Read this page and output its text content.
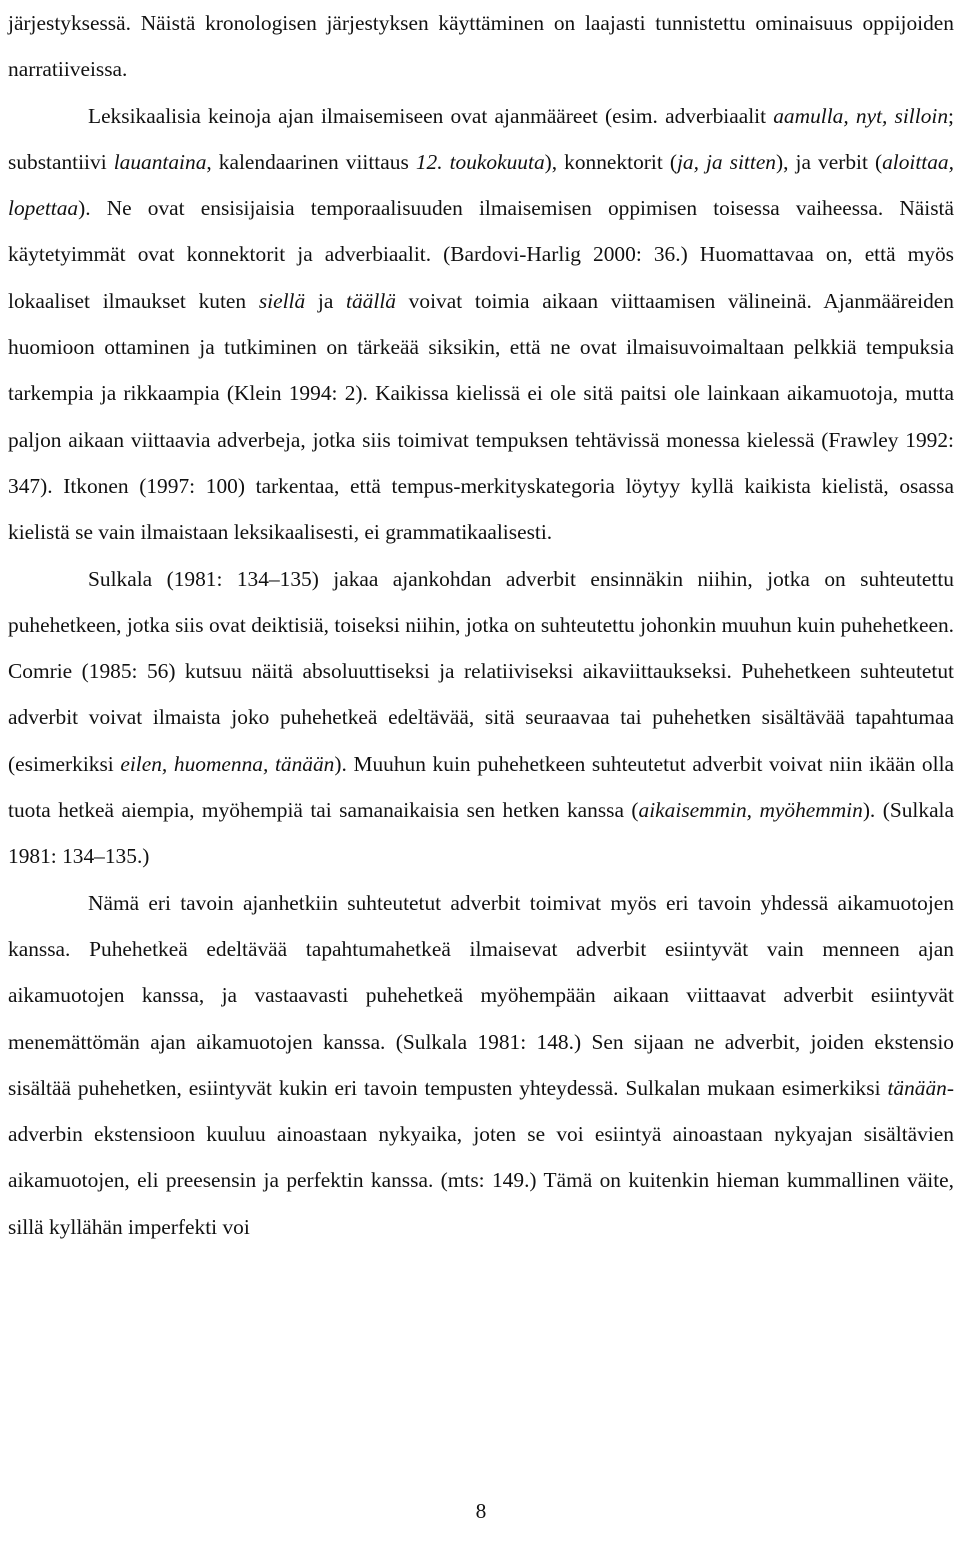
järjestyksessä. Näistä kronologisen järjestyksen käyttäminen on laajasti tunnistettu ominaisuus oppijoiden narratiiveissa.

Leksikaalisia keinoja ajan ilmaisemiseen ovat ajanmääreet (esim. adverbiaalit aamulla, nyt, silloin; substantiivi lauantaina, kalendaarinen viittaus 12. toukokuuta), konnektorit (ja, ja sitten), ja verbit (aloittaa, lopettaa). Ne ovat ensisijaisia temporaalisuuden ilmaisemisen oppimisen toisessa vaiheessa. Näistä käytetyimmät ovat konnektorit ja adverbiaalit. (Bardovi-Harlig 2000: 36.) Huomattavaa on, että myös lokaaliset ilmaukset kuten siellä ja täällä voivat toimia aikaan viittaamisen välineinä. Ajanmääreiden huomioon ottaminen ja tutkiminen on tärkeää siksikin, että ne ovat ilmaisuvoimaltaan pelkkiä tempuksia tarkempia ja rikkaampia (Klein 1994: 2). Kaikissa kielissä ei ole sitä paitsi ole lainkaan aikamuotoja, mutta paljon aikaan viittaavia adverbeja, jotka siis toimivat tempuksen tehtävissä monessa kielessä (Frawley 1992: 347). Itkonen (1997: 100) tarkentaa, että tempus-merkityskategoria löytyy kyllä kaikista kielistä, osassa kielistä se vain ilmaistaan leksikaalisesti, ei grammatikaalisesti.

Sulkala (1981: 134–135) jakaa ajankohdan adverbit ensinnäkin niihin, jotka on suhteutettu puhehetkeen, jotka siis ovat deiktisiä, toiseksi niihin, jotka on suhteutettu johonkin muuhun kuin puhehetkeen. Comrie (1985: 56) kutsuu näitä absoluuttiseksi ja relatiiviseksi aikaviittaukseksi. Puhehetkeen suhteutetut adverbit voivat ilmaista joko puhehetkeä edeltävää, sitä seuraavaa tai puhehetken sisältävää tapahtumaa (esimerkiksi eilen, huomenna, tänään). Muuhun kuin puhehetkeen suhteutetut adverbit voivat niin ikään olla tuota hetkeä aiempia, myöhempiä tai samanaikaisia sen hetken kanssa (aikaisemmin, myöhemmin). (Sulkala 1981: 134–135.)

Nämä eri tavoin ajanhetkiin suhteutetut adverbit toimivat myös eri tavoin yhdessä aikamuotojen kanssa. Puhehetkeä edeltävää tapahtumahetkeä ilmaisevat adverbit esiintyvät vain menneen ajan aikamuotojen kanssa, ja vastaavasti puhehetkeä myöhempään aikaan viittaavat adverbit esiintyvät menemättömän ajan aikamuotojen kanssa. (Sulkala 1981: 148.) Sen sijaan ne adverbit, joiden ekstensio sisältää puhehetken, esiintyvät kukin eri tavoin tempusten yhteydessä. Sulkalan mukaan esimerkiksi tänään-adverbin ekstensioon kuuluu ainoastaan nykyaika, joten se voi esiintyä ainoastaan nykyajan sisältävien aikamuotojen, eli preesensin ja perfektin kanssa. (mts: 149.) Tämä on kuitenkin hieman kummallinen väite, sillä kyllähän imperfekti voi

8
